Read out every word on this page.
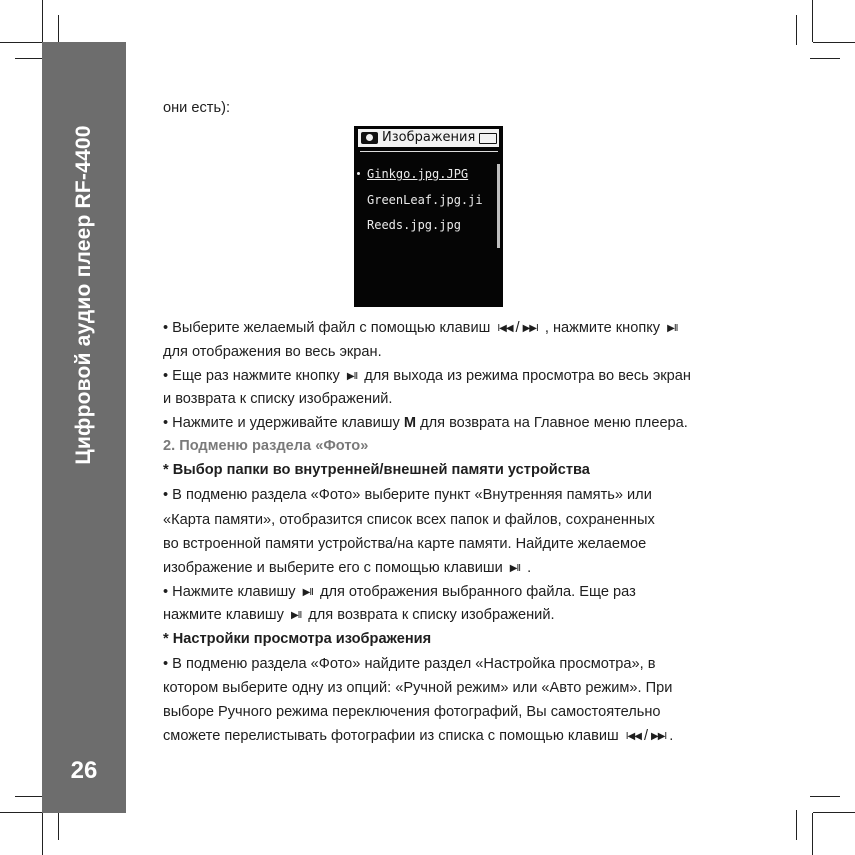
Цифровой аудио плеер RF-4400
26
они есть):
Изображения
Ginkgo.jpg.JPG
GreenLeaf.jpg.ji
Reeds.jpg.jpg
• Выберите желаемый файл с помощью клавиш I◀◀ / ▶▶I , нажмите кнопку ▶II
для отображения во весь экран.
• Еще раз нажмите кнопку ▶II для выхода из режима просмотра во весь экран
и возврата к списку изображений.
• Нажмите и удерживайте клавишу M для возврата на Главное меню плеера.
2. Подменю раздела «Фото»
* Выбор папки во внутренней/внешней памяти устройства
• В подменю раздела «Фото» выберите пункт «Внутренняя память» или
«Карта памяти», отобразится список всех папок и файлов, сохраненных
во встроенной памяти устройства/на карте памяти. Найдите желаемое
изображение и выберите его с помощью клавиши ▶II .
• Нажмите клавишу ▶II для отображения выбранного файла. Еще раз
нажмите клавишу ▶II для возврата к списку изображений.
* Настройки просмотра изображения
• В подменю раздела «Фото» найдите раздел «Настройка просмотра», в
котором выберите одну из опций: «Ручной режим» или «Авто режим». При
выборе Ручного режима переключения фотографий, Вы самостоятельно
сможете перелистывать фотографии из списка с помощью клавиш I◀◀ / ▶▶I .
